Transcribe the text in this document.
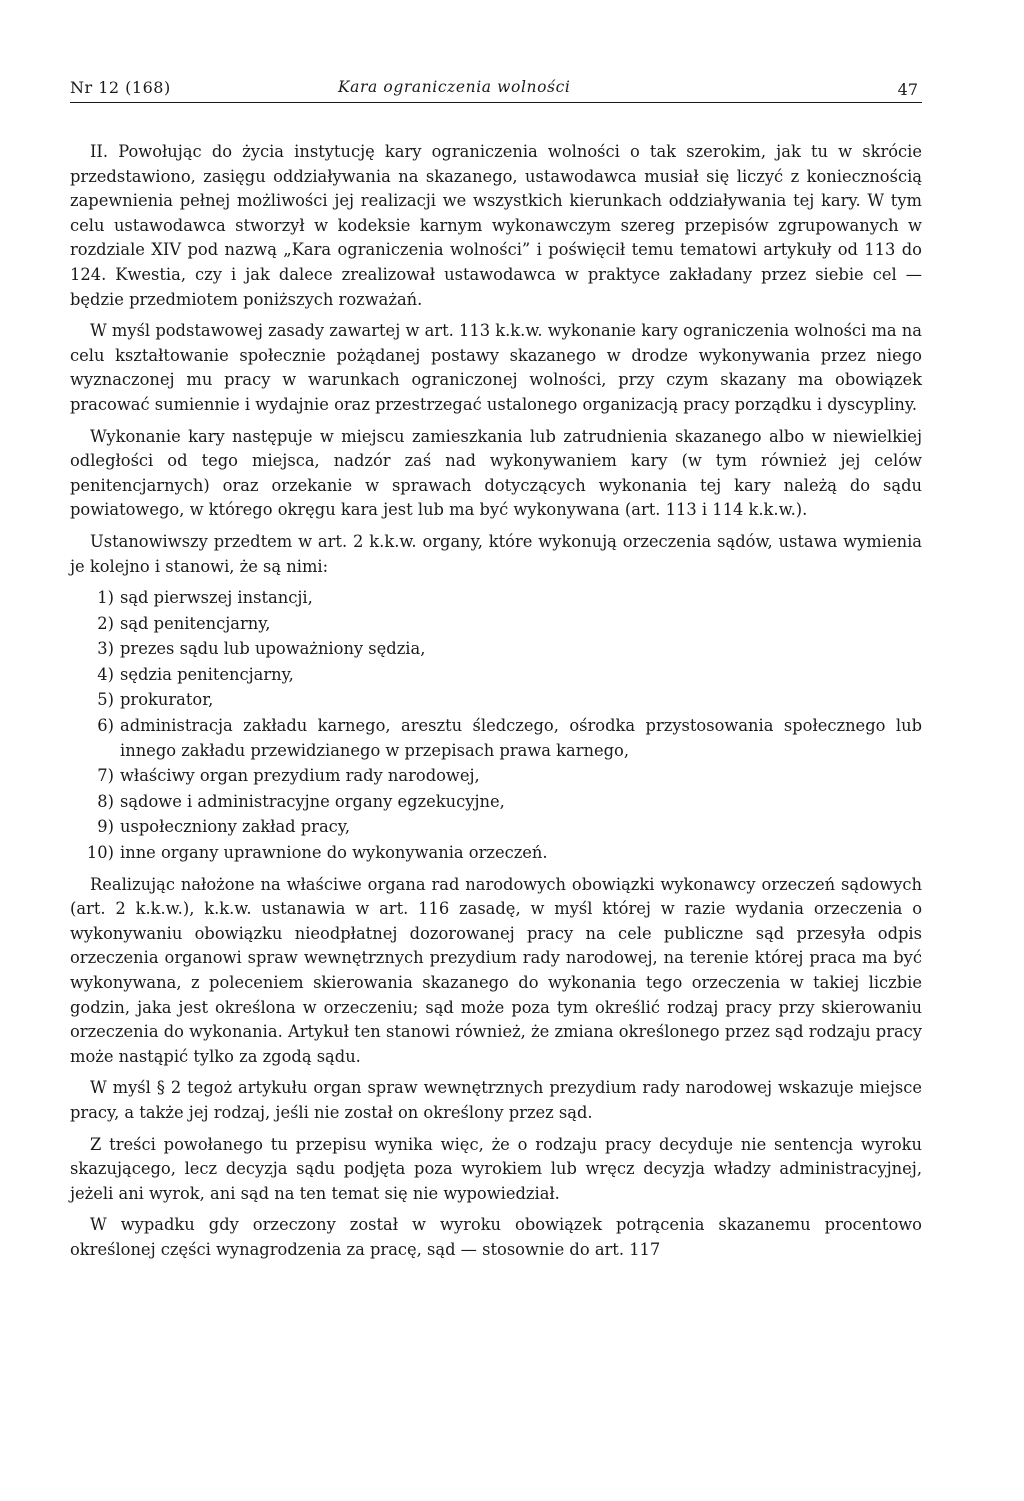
Nr 12 (168)	Kara ograniczenia wolności	47

II. Powołując do życia instytucję kary ograniczenia wolności o tak szerokim, jak tu w skrócie przedstawiono, zasięgu oddziaływania na skazanego, ustawodawca musiał się liczyć z koniecznością zapewnienia pełnej możliwości jej realizacji we wszystkich kierunkach oddziaływania tej kary. W tym celu ustawodawca stworzył w kodeksie karnym wykonawczym szereg przepisów zgrupowanych w rozdziale XIV pod nazwą „Kara ograniczenia wolności” i poświęcił temu tematowi artykuły od 113 do 124. Kwestia, czy i jak dalece zrealizował ustawodawca w praktyce zakładany przez siebie cel — będzie przedmiotem poniższych rozważań.

W myśl podstawowej zasady zawartej w art. 113 k.k.w. wykonanie kary ograniczenia wolności ma na celu kształtowanie społecznie pożądanej postawy skazanego w drodze wykonywania przez niego wyznaczonej mu pracy w warunkach ograniczonej wolności, przy czym skazany ma obowiązek pracować sumiennie i wydajnie oraz przestrzegać ustalonego organizacją pracy porządku i dyscypliny.

Wykonanie kary następuje w miejscu zamieszkania lub zatrudnienia skazanego albo w niewielkiej odległości od tego miejsca, nadzór zaś nad wykonywaniem kary (w tym również jej celów penitencjarnych) oraz orzekanie w sprawach dotyczących wykonania tej kary należą do sądu powiatowego, w którego okręgu kara jest lub ma być wykonywana (art. 113 i 114 k.k.w.).

Ustanowiwszy przedtem w art. 2 k.k.w. organy, które wykonują orzeczenia sądów, ustawa wymienia je kolejno i stanowi, że są nimi:

1) sąd pierwszej instancji,
2) sąd penitencjarny,
3) prezes sądu lub upoważniony sędzia,
4) sędzia penitencjarny,
5) prokurator,
6) administracja zakładu karnego, aresztu śledczego, ośrodka przystosowania społecznego lub innego zakładu przewidzianego w przepisach prawa karnego,
7) właściwy organ prezydium rady narodowej,
8) sądowe i administracyjne organy egzekucyjne,
9) uspołeczniony zakład pracy,
10) inne organy uprawnione do wykonywania orzeczeń.

Realizując nałożone na właściwe organa rad narodowych obowiązki wykonawcy orzeczeń sądowych (art. 2 k.k.w.), k.k.w. ustanawia w art. 116 zasadę, w myśl której w razie wydania orzeczenia o wykonywaniu obowiązku nieodpłatnej dozorowanej pracy na cele publiczne sąd przesyła odpis orzeczenia organowi spraw wewnętrznych prezydium rady narodowej, na terenie której praca ma być wykonywana, z poleceniem skierowania skazanego do wykonania tego orzeczenia w takiej liczbie godzin, jaka jest określona w orzeczeniu; sąd może poza tym określić rodzaj pracy przy skierowaniu orzeczenia do wykonania. Artykuł ten stanowi również, że zmiana określonego przez sąd rodzaju pracy może nastąpić tylko za zgodą sądu.

W myśl § 2 tegoż artykułu organ spraw wewnętrznych prezydium rady narodowej wskazuje miejsce pracy, a także jej rodzaj, jeśli nie został on określony przez sąd.

Z treści powołanego tu przepisu wynika więc, że o rodzaju pracy decyduje nie sentencja wyroku skazującego, lecz decyzja sądu podjęta poza wyrokiem lub wręcz decyzja władzy administracyjnej, jeżeli ani wyrok, ani sąd na ten temat się nie wypowiedział.

W wypadku gdy orzeczony został w wyroku obowiązek potrącenia skazanemu procentowo określonej części wynagrodzenia za pracę, sąd — stosownie do art. 117
